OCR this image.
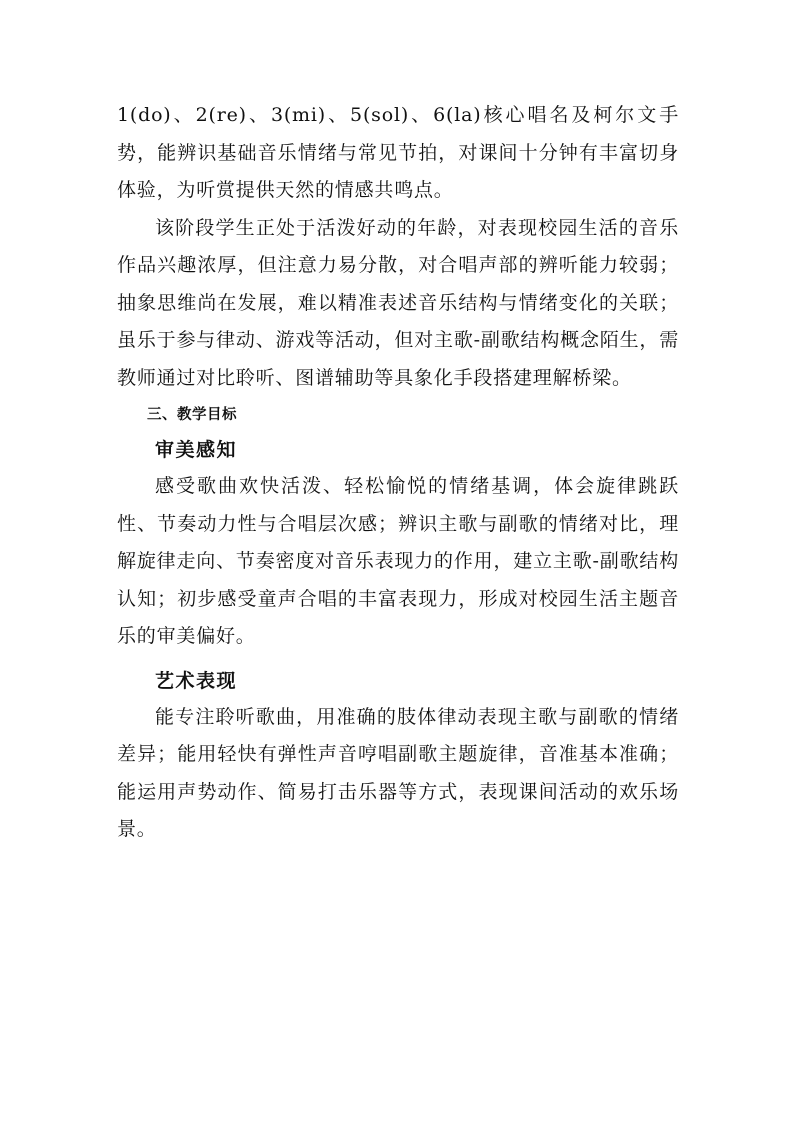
1(do)、2(re)、3(mi)、5(sol)、6(la)核心唱名及柯尔文手势，能辨识基础音乐情绪与常见节拍，对课间十分钟有丰富切身体验，为听赏提供天然的情感共鸣点。

该阶段学生正处于活泼好动的年龄，对表现校园生活的音乐作品兴趣浓厚，但注意力易分散，对合唱声部的辨听能力较弱；抽象思维尚在发展，难以精准表述音乐结构与情绪变化的关联；虽乐于参与律动、游戏等活动，但对主歌-副歌结构概念陌生，需教师通过对比聆听、图谱辅助等具象化手段搭建理解桥梁。

三、教学目标
审美感知

感受歌曲欢快活泼、轻松愉悦的情绪基调，体会旋律跳跃性、节奏动力性与合唱层次感；辨识主歌与副歌的情绪对比，理解旋律走向、节奏密度对音乐表现力的作用，建立主歌-副歌结构认知；初步感受童声合唱的丰富表现力，形成对校园生活主题音乐的审美偏好。

艺术表现

能专注聆听歌曲，用准确的肢体律动表现主歌与副歌的情绪差异；能用轻快有弹性声音哼唱副歌主题旋律，音准基本准确；能运用声势动作、简易打击乐器等方式，表现课间活动的欢乐场景。
